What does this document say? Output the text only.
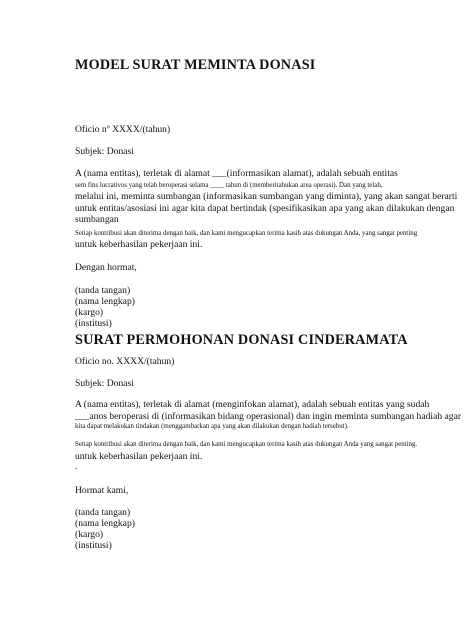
MODEL SURAT MEMINTA DONASI

Oficio nº XXXX/(tahun)

Subjek: Donasi

A (nama entitas), terletak di alamat ___(informasikan alamat), adalah sebuah entitas
sem fins lucrativos yang telah beroperasi selama ____ tahun di (memberitahukan area operasi). Dan yang telah,
melalui ini, meminta sumbangan (informasikan sumbangan yang diminta), yang akan sangat berarti
untuk entitas/asosiasi ini agar kita dapat bertindak (spesifikasikan apa yang akan dilakukan dengan
sumbangan

Setiap kontribusi akan diterima dengan baik, dan kami mengucapkan terima kasih atas dukungan Anda, yang sangat penting

untuk keberhasilan pekerjaan ini.

Dengan hormat,

(tanda tangan)
(nama lengkap)
(kargo)
(institusi)
SURAT PERMOHONAN DONASI CINDERAMATA

Oficio no. XXXX/(tahun)

Subjek: Donasi

A (nama entitas), terletak di alamat (menginfokan alamat), adalah sebuah entitas yang sudah
___anos beroperasi di (informasikan bidang operasional) dan ingin meminta sumbangan hadiah agar
kita dapat melakukan tindakan (menggambarkan apa yang akan dilakukan dengan hadiah tersebut).

Setiap kontribusi akan diterima dengan baik, dan kami mengucapkan terima kasih atas dukungan Anda yang sangat penting.

untuk keberhasilan pekerjaan ini.

.

Hormat kami,

(tanda tangan)
(nama lengkap)
(kargo)
(institusi)
